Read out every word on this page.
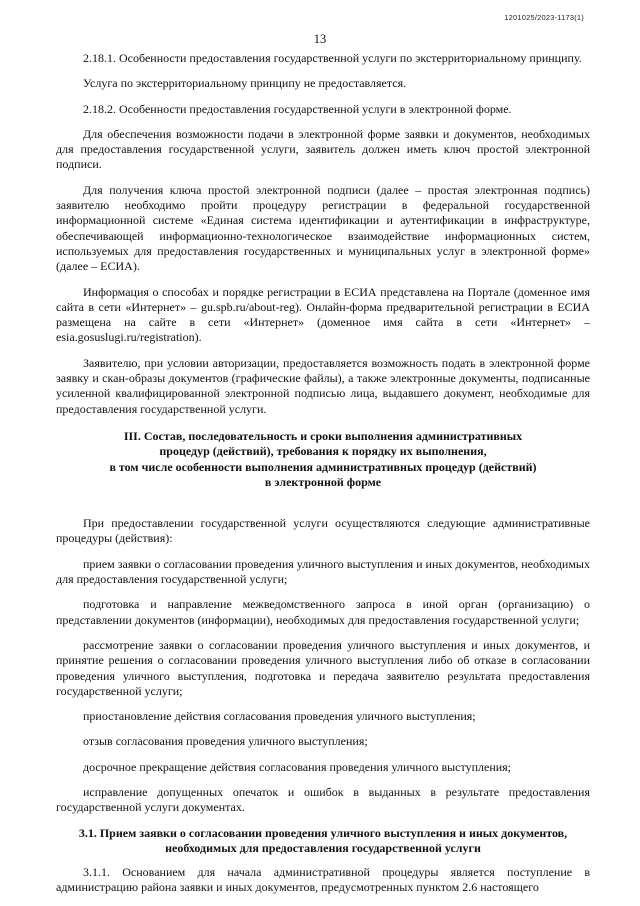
1201025/2023-1173(1)
13

2.18.1. Особенности предоставления государственной услуги по экстерриториальному принципу.

Услуга по экстерриториальному принципу не предоставляется.

2.18.2. Особенности предоставления государственной услуги в электронной форме.

Для обеспечения возможности подачи в электронной форме заявки и документов, необходимых для предоставления государственной услуги, заявитель должен иметь ключ простой электронной подписи.

Для получения ключа простой электронной подписи (далее – простая электронная подпись) заявителю необходимо пройти процедуру регистрации в федеральной государственной информационной системе «Единая система идентификации и аутентификации в инфраструктуре, обеспечивающей информационно-технологическое взаимодействие информационных систем, используемых для предоставления государственных и муниципальных услуг в электронной форме» (далее – ЕСИА).

Информация о способах и порядке регистрации в ЕСИА представлена на Портале (доменное имя сайта в сети «Интернет» – gu.spb.ru/about-reg). Онлайн-форма предварительной регистрации в ЕСИА размещена на сайте в сети «Интернет» (доменное имя сайта в сети «Интернет» – esia.gosuslugi.ru/registration).

Заявителю, при условии авторизации, предоставляется возможность подать в электронной форме заявку и скан-образы документов (графические файлы), а также электронные документы, подписанные усиленной квалифицированной электронной подписью лица, выдавшего документ, необходимые для предоставления государственной услуги.

III. Состав, последовательность и сроки выполнения административных
процедур (действий), требования к порядку их выполнения,
в том числе особенности выполнения административных процедур (действий)
в электронной форме

При предоставлении государственной услуги осуществляются следующие административные процедуры (действия):

прием заявки о согласовании проведения уличного выступления и иных документов, необходимых для предоставления государственной услуги;

подготовка и направление межведомственного запроса в иной орган (организацию) о представлении документов (информации), необходимых для предоставления государственной услуги;

рассмотрение заявки о согласовании проведения уличного выступления и иных документов, и принятие решения о согласовании проведения уличного выступления либо об отказе в согласовании проведения уличного выступления, подготовка и передача заявителю результата предоставления государственной услуги;

приостановление действия согласования проведения уличного выступления;

отзыв согласования проведения уличного выступления;

досрочное прекращение действия согласования проведения уличного выступления;

исправление допущенных опечаток и ошибок в выданных в результате предоставления государственной услуги документах.

3.1. Прием заявки о согласовании проведения уличного выступления и иных документов,
необходимых для предоставления государственной услуги

3.1.1. Основанием для начала административной процедуры является поступление в администрацию района заявки и иных документов, предусмотренных пунктом 2.6 настоящего
